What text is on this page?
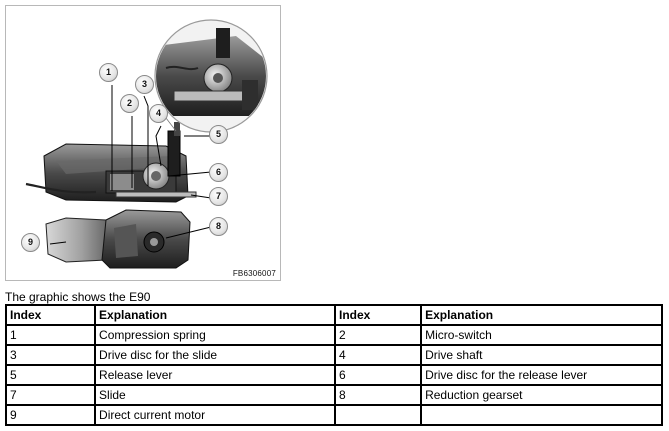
1
3
2
4
5
6
7
8
9
FB6306007
The graphic shows the E90
Index	Explanation	Index	Explanation
1	Compression spring	2	Micro-switch
3	Drive disc for the slide	4	Drive shaft
5	Release lever	6	Drive disc for the release lever
7	Slide	8	Reduction gearset
9	Direct current motor		
